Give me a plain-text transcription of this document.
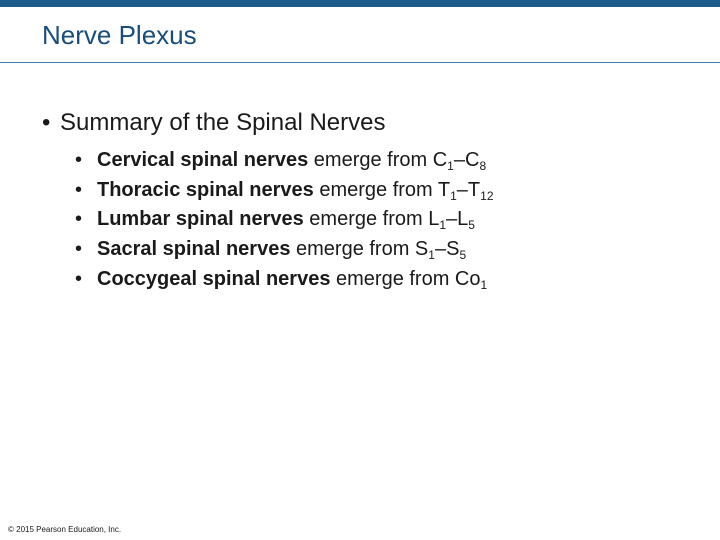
Nerve Plexus
• Summary of the Spinal Nerves
• Cervical spinal nerves emerge from $C_1-C_8$
• Thoracic spinal nerves emerge from $T_1-T_{12}$
• Lumbar spinal nerves emerge from $L_1-L_5$
• Sacral spinal nerves emerge from $S_1-S_5$
• Coccygeal spinal nerves emerge from $Co_1$
© 2015 Pearson Education, Inc.
